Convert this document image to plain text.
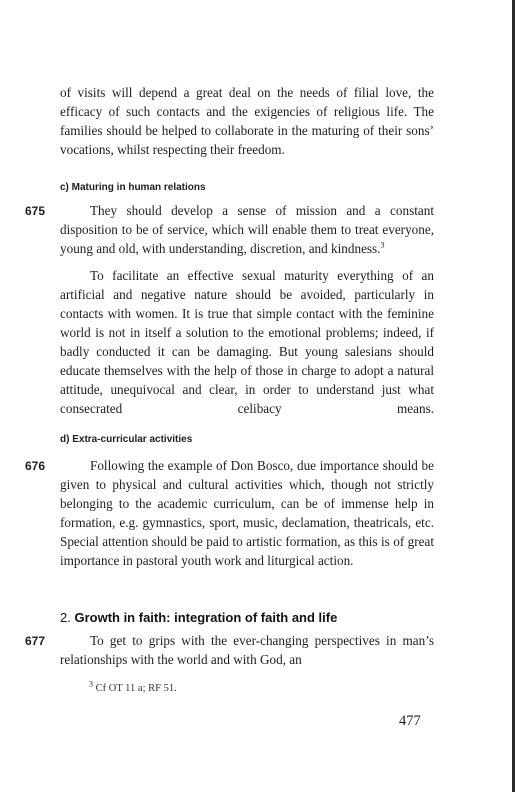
of visits will depend a great deal on the needs of filial love, the efficacy of such contacts and the exigencies of religious life. The families should be helped to collaborate in the maturing of their sons’ vocations, whilst respecting their freedom.

c) Maturing in human relations

675	They should develop a sense of mission and a constant disposition to be of service, which will enable them to treat everyone, young and old, with understanding, discretion, and kindness.$^3$

To facilitate an effective sexual maturity everything of an artificial and negative nature should be avoided, particularly in contacts with women. It is true that simple contact with the feminine world is not in itself a solution to the emotional problems; indeed, if badly conducted it can be damaging. But young salesians should educate themselves with the help of those in charge to adopt a natural attitude, unequivocal and clear, in order to understand just what consecrated celibacy means.

d) Extra-curricular activities

676	Following the example of Don Bosco, due importance should be given to physical and cultural activities which, though not strictly belonging to the academic curriculum, can be of immense help in formation, e.g. gymnastics, sport, music, declamation, theatricals, etc. Special attention should be paid to artistic formation, as this is of great importance in pastoral youth work and liturgical action.

2. Growth in faith: integration of faith and life

677	To get to grips with the ever-changing perspectives in man’s relationships with the world and with God, an

$^3$ Cf OT 11 a; RF 51.

477
